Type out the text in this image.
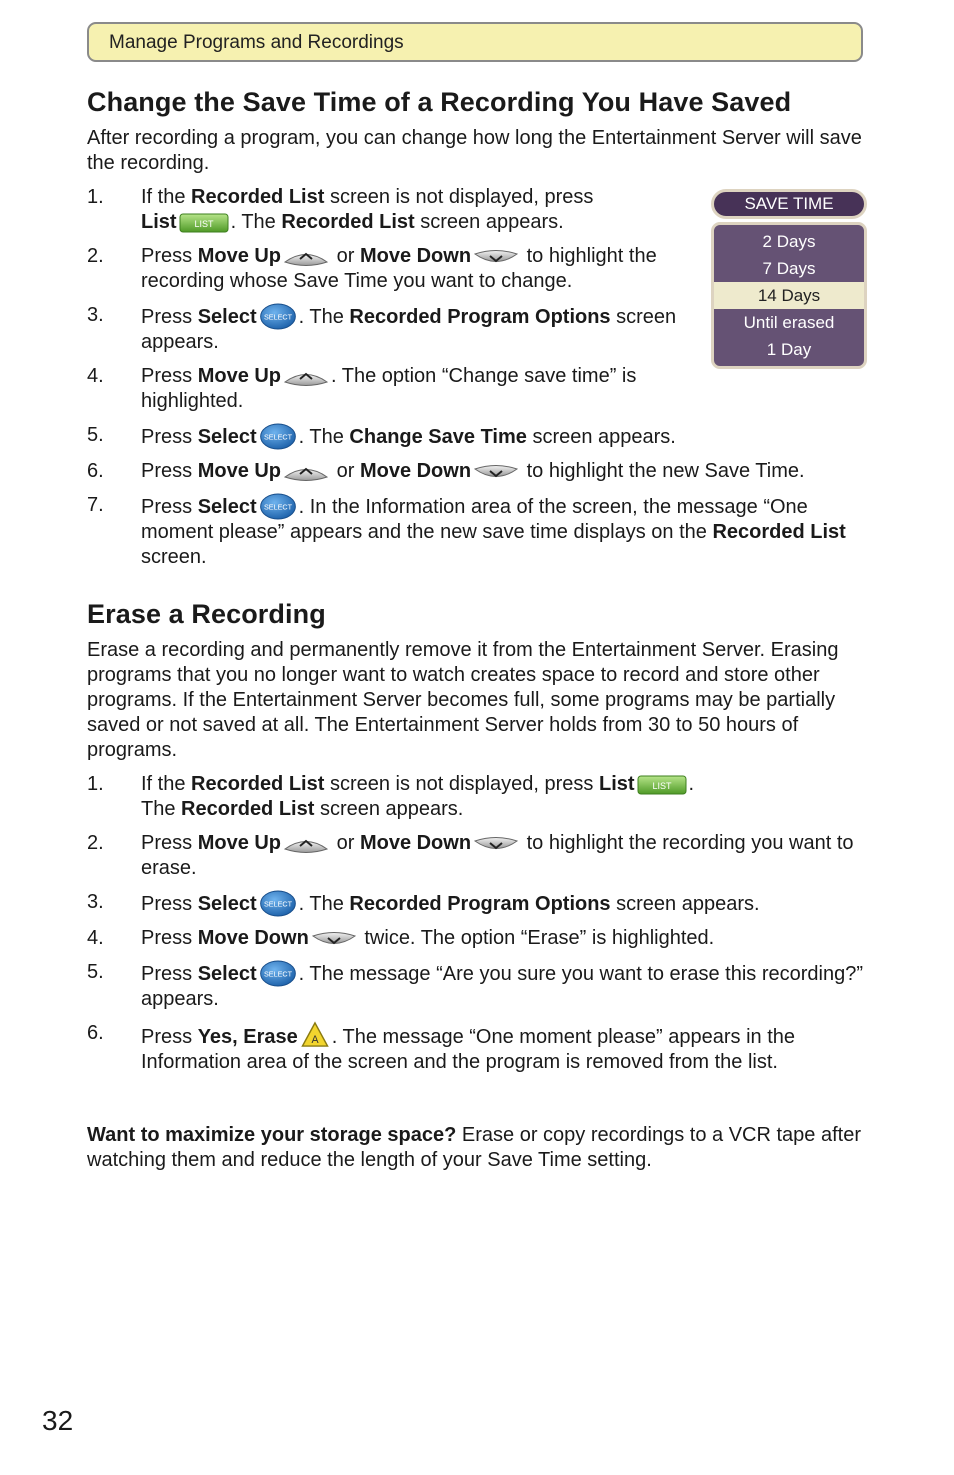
Manage Programs and Recordings
SAVE TIME
2 Days
7 Days
14 Days
Until erased
1 Day
Change the Save Time of a Recording You Have Saved

After recording a program, you can change how long the Entertainment Server will save the recording.

1. If the Recorded List screen is not displayed, press
List	. The Recorded List screen appears.
2. Press Move Up	or Move Down	to highlight the recording whose Save Time you want to change.
3. Press Select . The Recorded Program Options screen appears.
4. Press Move Up	. The option “Change save time” is highlighted.
5. Press Select . The Change Save Time screen appears.
6. Press Move Up	or Move Down	to highlight the new Save Time.
7. Press Select . In the Information area of the screen, the message “One moment please” appears and the new save time displays on the Recorded List screen.
Erase a Recording

Erase a recording and permanently remove it from the Entertainment Server. Erasing programs that you no longer want to watch creates space to record and store other programs. If the Entertainment Server becomes full, some programs may be partially saved or not saved at all. The Entertainment Server holds from 30 to 50 hours of programs.

1. If the Recorded List screen is not displayed, press List	.
The Recorded List screen appears.
2. Press Move Up	or Move Down	to highlight the recording you want to erase.
3. Press Select . The Recorded Program Options screen appears.
4. Press Move Down	twice. The option “Erase” is highlighted.
5. Press Select . The message “Are you sure you want to erase this recording?” appears.
6. Press Yes, Erase . The message “One moment please” appears in the Information area of the screen and the program is removed from the list.

Want to maximize your storage space? Erase or copy recordings to a VCR tape after watching them and reduce the length of your Save Time setting.

32
